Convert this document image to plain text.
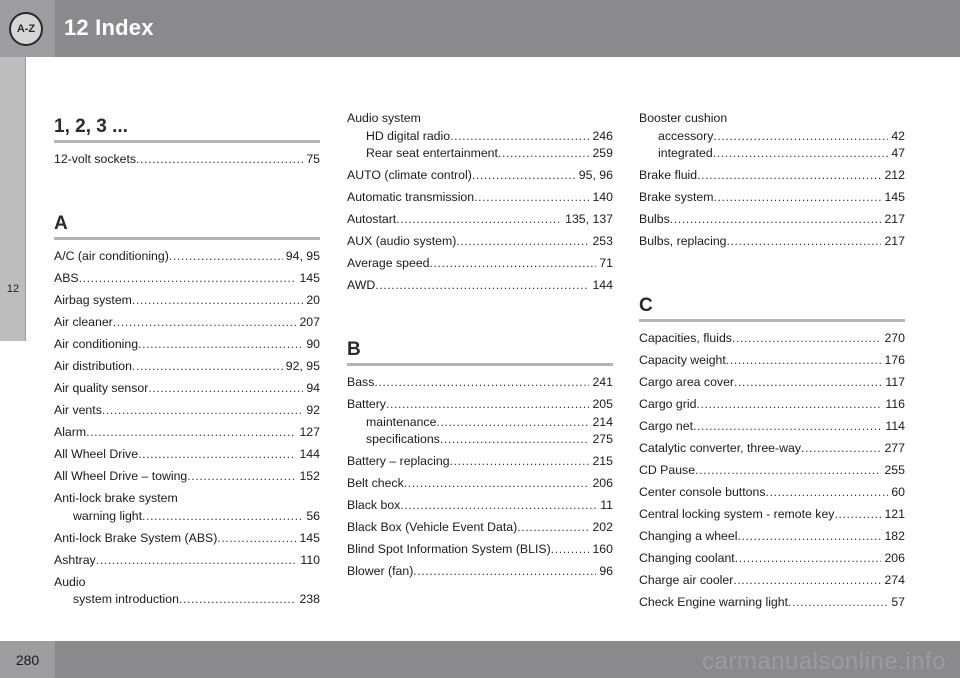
A-Z	12 Index
12
1, 2, 3 ...
12-volt sockets .....	75
A
A/C (air conditioning) .....	94, 95
ABS .....	145
Airbag system .....	20
Air cleaner .....	207
Air conditioning .....	90
Air distribution .....	92, 95
Air quality sensor .....	94
Air vents .....	92
Alarm .....	127
All Wheel Drive .....	144
All Wheel Drive – towing .....	152
Anti-lock brake system
warning light .....	56
Anti-lock Brake System (ABS) .....	145
Ashtray .....	110
Audio
system introduction .....	238
Audio system
HD digital radio .....	246
Rear seat entertainment .....	259
AUTO (climate control) .....	95, 96
Automatic transmission .....	140
Autostart .....	135, 137
AUX (audio system) .....	253
Average speed .....	71
AWD .....	144
B
Bass .....	241
Battery .....	205
maintenance .....	214
specifications .....	275
Battery – replacing .....	215
Belt check .....	206
Black box .....	11
Black Box (Vehicle Event Data) .....	202
Blind Spot Information System (BLIS) .....	160
Blower (fan) .....	96
Booster cushion
accessory .....	42
integrated .....	47
Brake fluid .....	212
Brake system .....	145
Bulbs .....	217
Bulbs, replacing .....	217
C
Capacities, fluids .....	270
Capacity weight .....	176
Cargo area cover .....	117
Cargo grid .....	116
Cargo net .....	114
Catalytic converter, three-way .....	277
CD Pause .....	255
Center console buttons .....	60
Central locking system - remote key .....	121
Changing a wheel .....	182
Changing coolant .....	206
Charge air cooler .....	274
Check Engine warning light .....	57
280	carmanualsonline.info
